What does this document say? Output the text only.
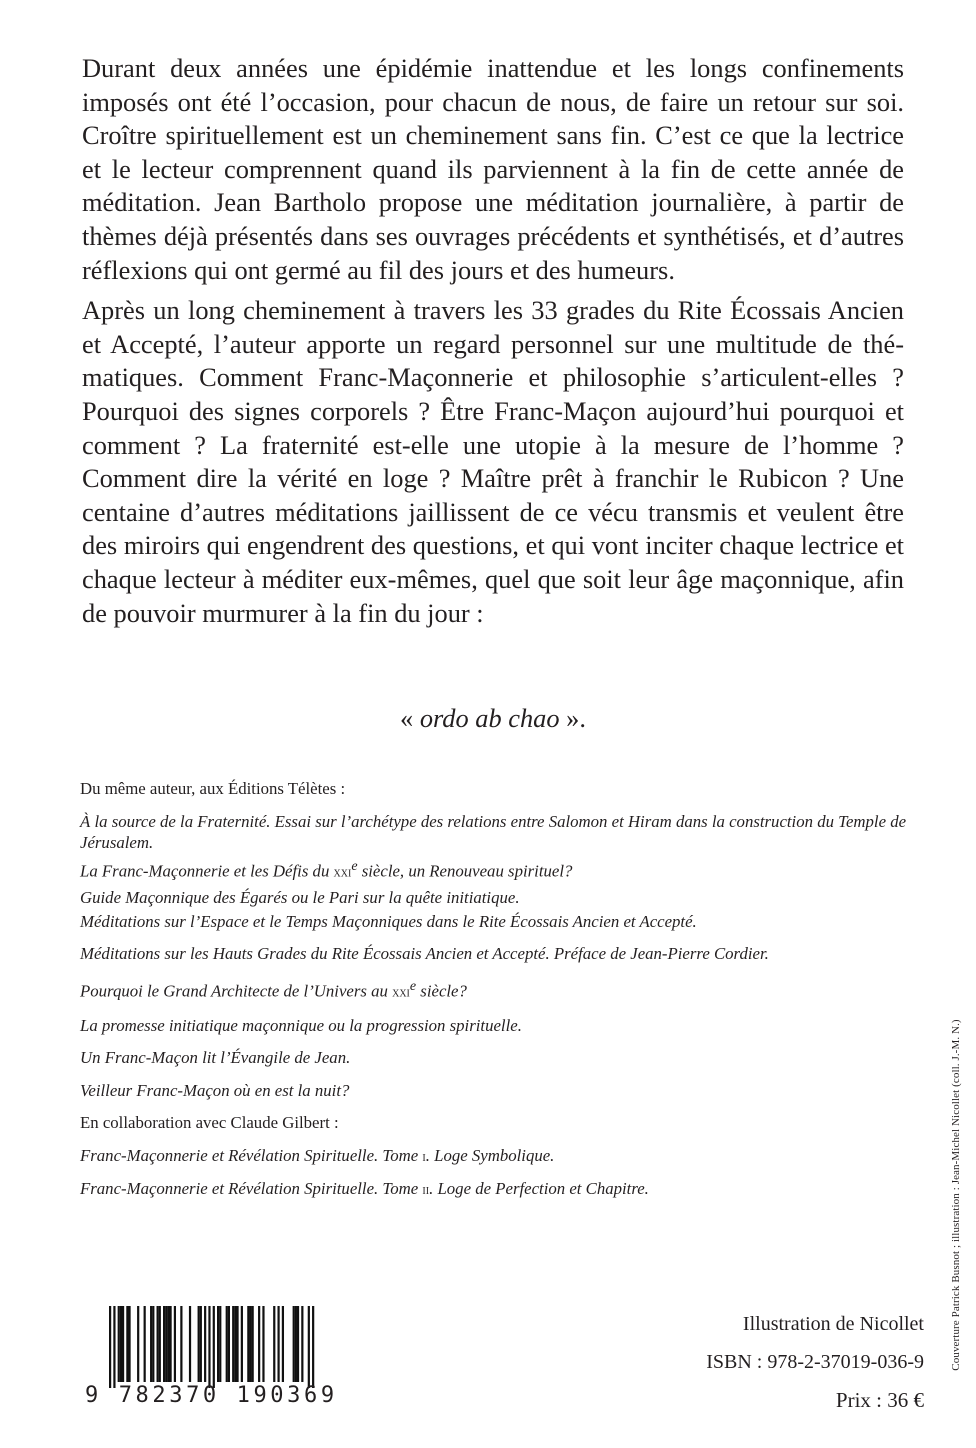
Durant deux années une épidémie inattendue et les longs confinements imposés ont été l’occasion, pour chacun de nous, de faire un retour sur soi. Croître spirituellement est un cheminement sans fin. C’est ce que la lectrice et le lecteur comprennent quand ils parviennent à la fin de cette année de méditation. Jean Bartholo propose une méditation journalière, à partir de thèmes déjà présentés dans ses ouvrages précédents et synthétisés, et d’autres réflexions qui ont germé au fil des jours et des humeurs.

Après un long cheminement à travers les 33 grades du Rite Écossais Ancien et Accepté, l’auteur apporte un regard personnel sur une multitude de thématiques. Comment Franc-Maçonnerie et philosophie s’articulent-elles ? Pourquoi des signes corporels ? Être Franc-Maçon aujourd’hui pourquoi et comment ? La fraternité est-elle une utopie à la mesure de l’homme ? Comment dire la vérité en loge ? Maître prêt à franchir le Rubicon ? Une centaine d’autres méditations jaillissent de ce vécu transmis et veulent être des miroirs qui engendrent des questions, et qui vont inciter chaque lectrice et chaque lecteur à méditer eux-mêmes, quel que soit leur âge maçonnique, afin de pouvoir murmurer à la fin du jour :

« ordo ab chao ».

Du même auteur, aux Éditions Télètes :

À la source de la Fraternité. Essai sur l’archétype des relations entre Salomon et Hiram dans la construction du Temple de Jérusalem.
La Franc-Maçonnerie et les Défis du xxi$^e$ siècle, un Renouveau spirituel?
Guide Maçonnique des Égarés ou le Pari sur la quête initiatique.
Méditations sur l’Espace et le Temps Maçonniques dans le Rite Écossais Ancien et Accepté.
Méditations sur les Hauts Grades du Rite Écossais Ancien et Accepté. Préface de Jean-Pierre Cordier.
Pourquoi le Grand Architecte de l’Univers au xxi$^e$ siècle?
La promesse initiatique maçonnique ou la progression spirituelle.
Un Franc-Maçon lit l’Évangile de Jean.
Veilleur Franc-Maçon où en est la nuit?

En collaboration avec Claude Gilbert :

Franc-Maçonnerie et Révélation Spirituelle. Tome i. Loge Symbolique.
Franc-Maçonnerie et Révélation Spirituelle. Tome ii. Loge de Perfection et Chapitre.	Couverture Patrick Busnot ; illustration : Jean-Michel Nicollet (coll. J.-M. N.)
Illustration de Nicollet
ISBN : 978-2-37019-036-9
Prix : 36 €
9 782370 190369
